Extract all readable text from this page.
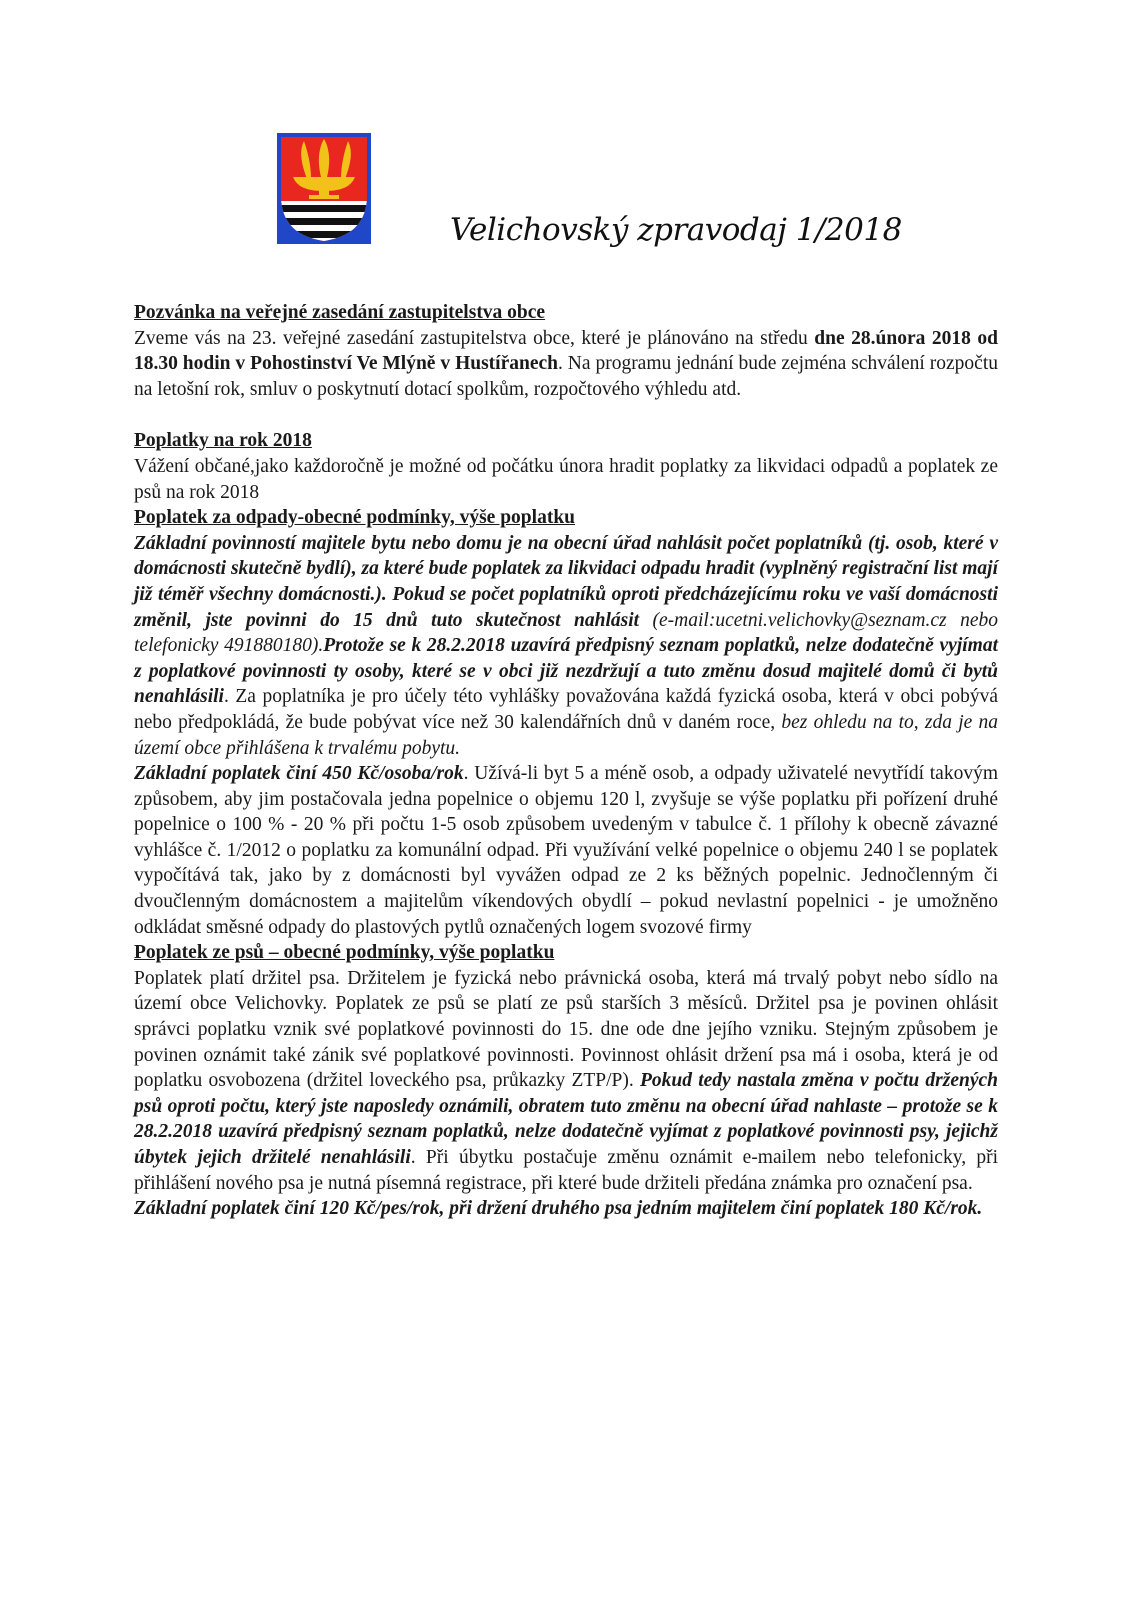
Velichovský zpravodaj 1/2018
Pozvánka na veřejné zasedání zastupitelstva obce

Zveme vás na 23. veřejné zasedání zastupitelstva obce, které je plánováno na středu dne 28.února 2018 od 18.30 hodin v Pohostinství Ve Mlýně v Hustířanech. Na programu jednání bude zejména schválení rozpočtu na letošní rok, smluv o poskytnutí dotací spolkům, rozpočtového výhledu atd.

Poplatky na rok 2018

Vážení občané,jako každoročně je možné od počátku února hradit poplatky za likvidaci odpadů a poplatek ze psů na rok 2018

Poplatek za odpady-obecné podmínky, výše poplatku

Základní povinností majitele bytu nebo domu je na obecní úřad nahlásit počet poplatníků (tj. osob, které v domácnosti skutečně bydlí), za které bude poplatek za likvidaci odpadu hradit (vyplněný registrační list mají již téměř všechny domácnosti.). Pokud se počet poplatníků oproti předcházejícímu roku ve vaší domácnosti změnil, jste povinni do 15 dnů tuto skutečnost nahlásit (e-mail:ucetni.velichovky@seznam.cz nebo telefonicky 491880180).Protože se k 28.2.2018 uzavírá předpisný seznam poplatků, nelze dodatečně vyjímat z poplatkové povinnosti ty osoby, které se v obci již nezdržují a tuto změnu dosud majitelé domů či bytů nenahlásili. Za poplatníka je pro účely této vyhlášky považována každá fyzická osoba, která v obci pobývá nebo předpokládá, že bude pobývat více než 30 kalendářních dnů v daném roce, bez ohledu na to, zda je na území obce přihlášena k trvalému pobytu.

Základní poplatek činí 450 Kč/osoba/rok. Užívá-li byt 5 a méně osob, a odpady uživatelé nevytřídí takovým způsobem, aby jim postačovala jedna popelnice o objemu 120 l, zvyšuje se výše poplatku při pořízení druhé popelnice o 100 % - 20 % při počtu 1-5 osob způsobem uvedeným v tabulce č. 1 přílohy k obecně závazné vyhlášce č. 1/2012 o poplatku za komunální odpad. Při využívání velké popelnice o objemu 240 l se poplatek vypočítává tak, jako by z domácnosti byl vyvážen odpad ze 2 ks běžných popelnic. Jednočlenným či dvoučlenným domácnostem a majitelům víkendových obydlí – pokud nevlastní popelnici - je umožněno odkládat směsné odpady do plastových pytlů označených logem svozové firmy

Poplatek ze psů – obecné podmínky, výše poplatku

Poplatek platí držitel psa. Držitelem je fyzická nebo právnická osoba, která má trvalý pobyt nebo sídlo na území obce Velichovky. Poplatek ze psů se platí ze psů starších 3 měsíců. Držitel psa je povinen ohlásit správci poplatku vznik své poplatkové povinnosti do 15. dne ode dne jejího vzniku. Stejným způsobem je povinen oznámit také zánik své poplatkové povinnosti. Povinnost ohlásit držení psa má i osoba, která je od poplatku osvobozena (držitel loveckého psa, průkazky ZTP/P). Pokud tedy nastala změna v počtu držených psů oproti počtu, který jste naposledy oznámili, obratem tuto změnu na obecní úřad nahlaste – protože se k 28.2.2018 uzavírá předpisný seznam poplatků, nelze dodatečně vyjímat z poplatkové povinnosti psy, jejichž úbytek jejich držitelé nenahlásili. Při úbytku postačuje změnu oznámit e-mailem nebo telefonicky, při přihlášení nového psa je nutná písemná registrace, při které bude držiteli předána známka pro označení psa.

Základní poplatek činí 120 Kč/pes/rok, při držení druhého psa jedním majitelem činí poplatek 180 Kč/rok.
